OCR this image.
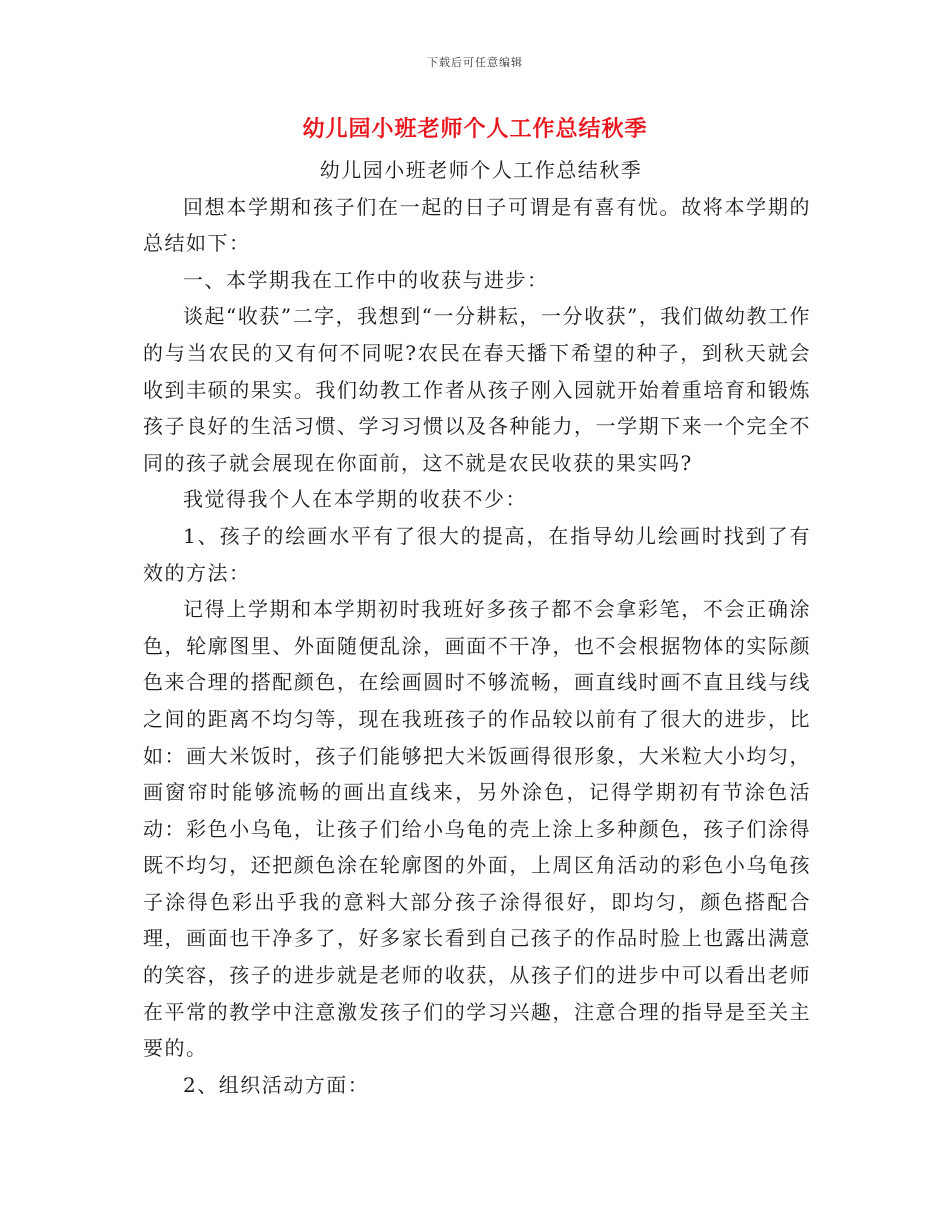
下载后可任意编辑
幼儿园小班老师个人工作总结秋季

幼儿园小班老师个人工作总结秋季

回想本学期和孩子们在一起的日子可谓是有喜有忧。故将本学期的总结如下：

一、本学期我在工作中的收获与进步：

谈起“收获”二字，我想到“一分耕耘，一分收获”，我们做幼教工作的与当农民的又有何不同呢?农民在春天播下希望的种子，到秋天就会收到丰硕的果实。我们幼教工作者从孩子刚入园就开始着重培育和锻炼孩子良好的生活习惯、学习习惯以及各种能力，一学期下来一个完全不同的孩子就会展现在你面前，这不就是农民收获的果实吗?

我觉得我个人在本学期的收获不少：

1、孩子的绘画水平有了很大的提高，在指导幼儿绘画时找到了有效的方法：

记得上学期和本学期初时我班好多孩子都不会拿彩笔，不会正确涂色，轮廓图里、外面随便乱涂，画面不干净，也不会根据物体的实际颜色来合理的搭配颜色，在绘画圆时不够流畅，画直线时画不直且线与线之间的距离不均匀等，现在我班孩子的作品较以前有了很大的进步，比如：画大米饭时，孩子们能够把大米饭画得很形象，大米粒大小均匀，画窗帘时能够流畅的画出直线来，另外涂色，记得学期初有节涂色活动：彩色小乌龟，让孩子们给小乌龟的壳上涂上多种颜色，孩子们涂得既不均匀，还把颜色涂在轮廓图的外面，上周区角活动的彩色小乌龟孩子涂得色彩出乎我的意料大部分孩子涂得很好，即均匀，颜色搭配合理，画面也干净多了，好多家长看到自己孩子的作品时脸上也露出满意的笑容，孩子的进步就是老师的收获，从孩子们的进步中可以看出老师在平常的教学中注意激发孩子们的学习兴趣，注意合理的指导是至关主要的。

2、组织活动方面：
